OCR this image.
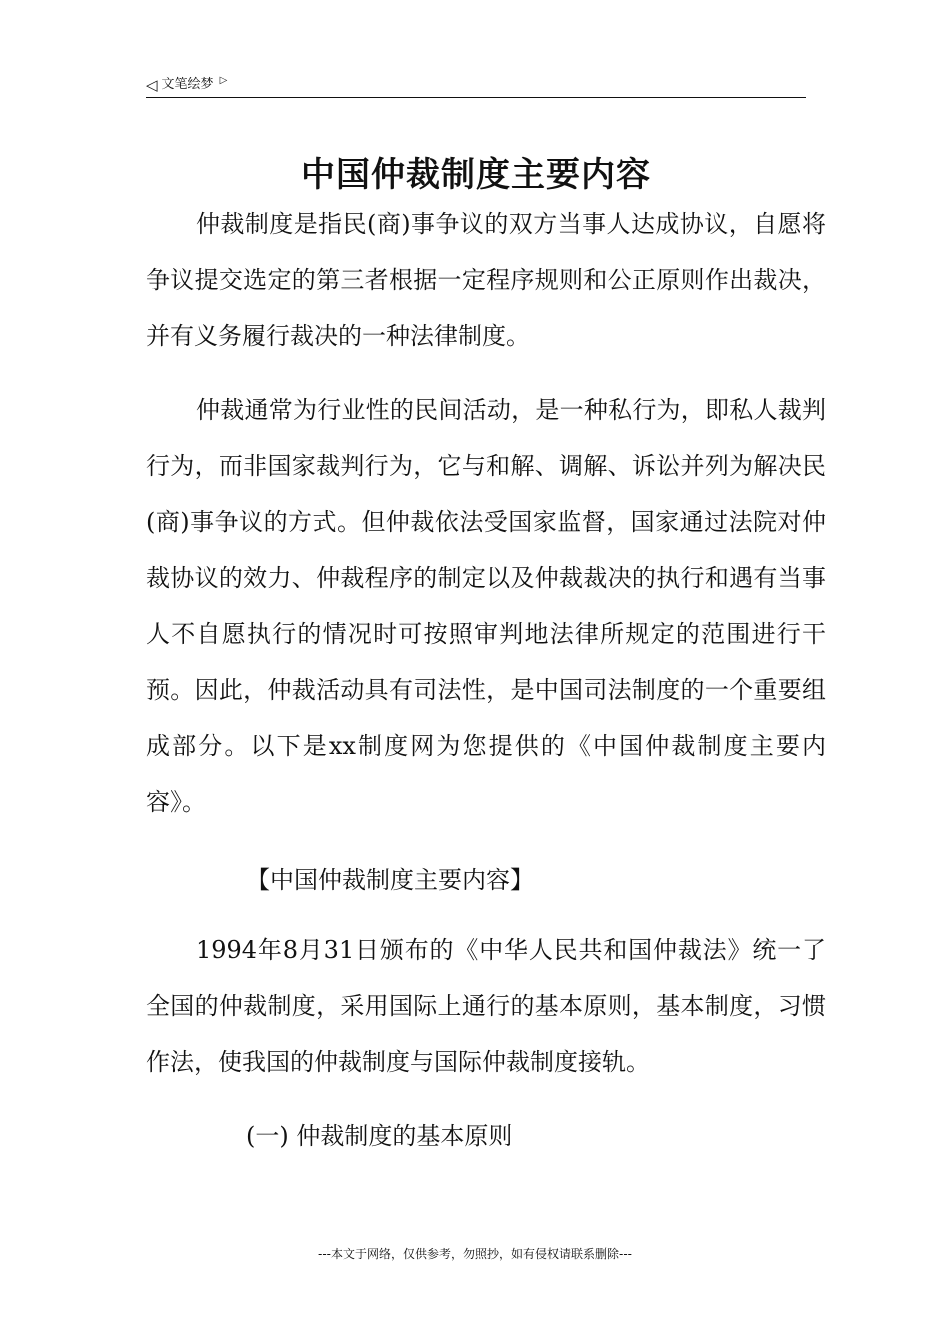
◁ 文笔绘梦 ▷
中国仲裁制度主要内容

仲裁制度是指民(商)事争议的双方当事人达成协议，自愿将争议提交选定的第三者根据一定程序规则和公正原则作出裁决，并有义务履行裁决的一种法律制度。

仲裁通常为行业性的民间活动，是一种私行为，即私人裁判行为，而非国家裁判行为，它与和解、调解、诉讼并列为解决民(商)事争议的方式。但仲裁依法受国家监督，国家通过法院对仲裁协议的效力、仲裁程序的制定以及仲裁裁决的执行和遇有当事人不自愿执行的情况时可按照审判地法律所规定的范围进行干预。因此，仲裁活动具有司法性，是中国司法制度的一个重要组成部分。以下是xx制度网为您提供的《中国仲裁制度主要内容》。

【中国仲裁制度主要内容】

1994年8月31日颁布的《中华人民共和国仲裁法》统一了全国的仲裁制度，采用国际上通行的基本原则，基本制度，习惯作法，使我国的仲裁制度与国际仲裁制度接轨。

(一) 仲裁制度的基本原则
---本文于网络，仅供参考，勿照抄，如有侵权请联系删除---
